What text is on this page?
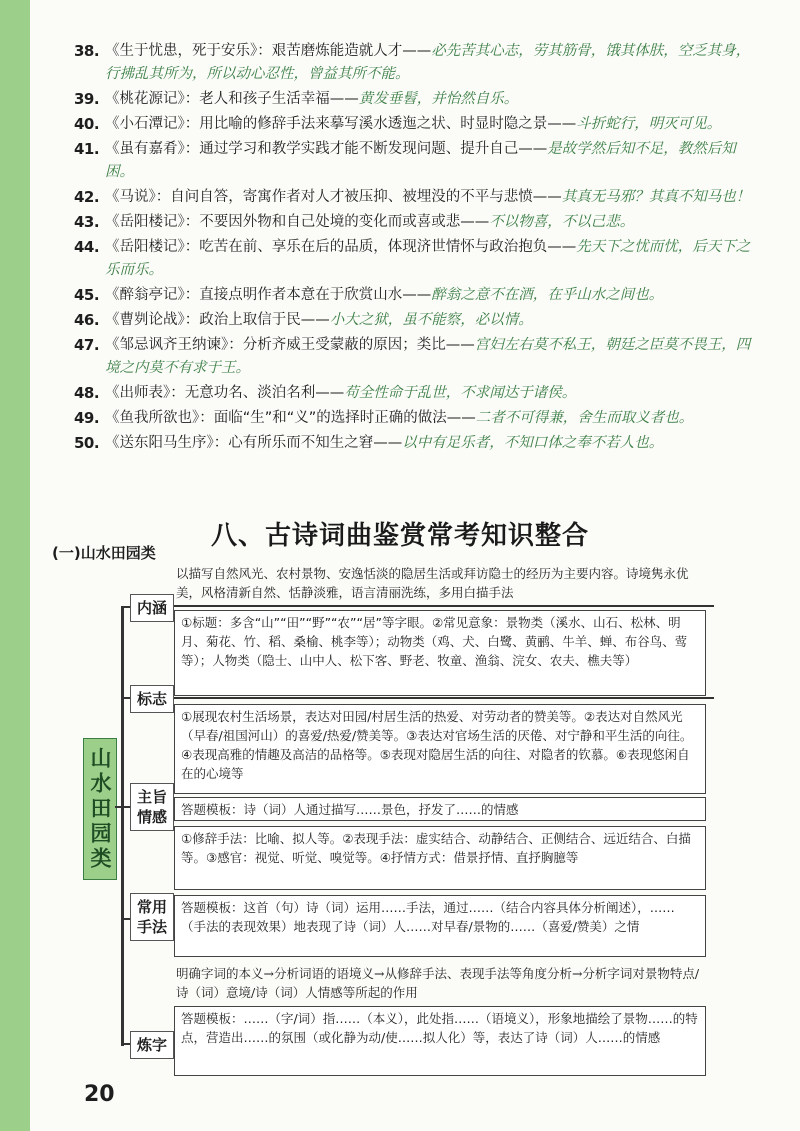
38. 《生于忧患，死于安乐》：艰苦磨炼能造就人才——必先苦其心志，劳其筋骨，饿其体肤，空乏其身，行拂乱其所为，所以动心忍性，曾益其所不能。
39. 《桃花源记》：老人和孩子生活幸福——黄发垂髫，并怡然自乐。
40. 《小石潭记》：用比喻的修辞手法来摹写溪水透迤之状、时显时隐之景——斗折蛇行，明灭可见。
41. 《虽有嘉肴》：通过学习和教学实践才能不断发现问题、提升自己——是故学然后知不足，教然后知困。
42. 《马说》：自问自答，寄寓作者对人才被压抑、被埋没的不平与悲愤——其真无马邪？其真不知马也！
43. 《岳阳楼记》：不要因外物和自己处境的变化而或喜或悲——不以物喜，不以己悲。
44. 《岳阳楼记》：吃苦在前、享乐在后的品质，体现济世情怀与政治抱负——先天下之忧而忧，后天下之乐而乐。
45. 《醉翁亭记》：直接点明作者本意在于欣赏山水——醉翁之意不在酒，在乎山水之间也。
46. 《曹刿论战》：政治上取信于民——小大之狱，虽不能察，必以情。
47. 《邹忌讽齐王纳谏》：分析齐威王受蒙蔽的原因；类比——宫妇左右莫不私王，朝廷之臣莫不畏王，四境之内莫不有求于王。
48. 《出师表》：无意功名、淡泊名利——苟全性命于乱世，不求闻达于诸侯。
49. 《鱼我所欲也》：面临“生”和“义”的选择时正确的做法——二者不可得兼，舍生而取义者也。
50. 《送东阳马生序》：心有所乐而不知生之窘——以中有足乐者，不知口体之奉不若人也。
八、古诗词曲鉴赏常考知识整合
(一)山水田园类
山水田园类
内涵
以描写自然风光、农村景物、安逸恬淡的隐居生活或拜访隐士的经历为主要内容。诗境隽永优美，风格清新自然、恬静淡雅，语言清丽洗练，多用白描手法
标志
①标题：多含“山”“田”“野”“农”“居”等字眼。②常见意象：景物类（溪水、山石、松林、明月、菊花、竹、稻、桑榆、桃李等）；动物类（鸡、犬、白鹭、黄鹂、牛羊、蝉、布谷鸟、莺等）；人物类（隐士、山中人、松下客、野老、牧童、渔翁、浣女、农夫、樵夫等）
主旨情感
①展现农村生活场景，表达对田园/村居生活的热爱、对劳动者的赞美等。②表达对自然风光（早春/祖国河山）的喜爱/热爱/赞美等。③表达对官场生活的厌倦、对宁静和平生活的向往。④表现高雅的情趣及高洁的品格等。⑤表现对隐居生活的向往、对隐者的钦慕。⑥表现悠闲自在的心境等
答题模板：诗（词）人通过描写……景色，抒发了……的情感
常用手法
①修辞手法：比喻、拟人等。②表现手法：虚实结合、动静结合、正侧结合、远近结合、白描等。③感官：视觉、听觉、嗅觉等。④抒情方式：借景抒情、直抒胸臆等
答题模板：这首（句）诗（词）运用……手法，通过……（结合内容具体分析阐述），……（手法的表现效果）地表现了诗（词）人……对早春/景物的……（喜爱/赞美）之情
明确字词的本义→分析词语的语境义→从修辞手法、表现手法等角度分析→分析字词对景物特点/诗（词）意境/诗（词）人情感等所起的作用
炼字
答题模板：……（字/词）指……（本义），此处指……（语境义），形象地描绘了景物……的特点，营造出……的氛围（或化静为动/使……拟人化）等，表达了诗（词）人……的情感
20
